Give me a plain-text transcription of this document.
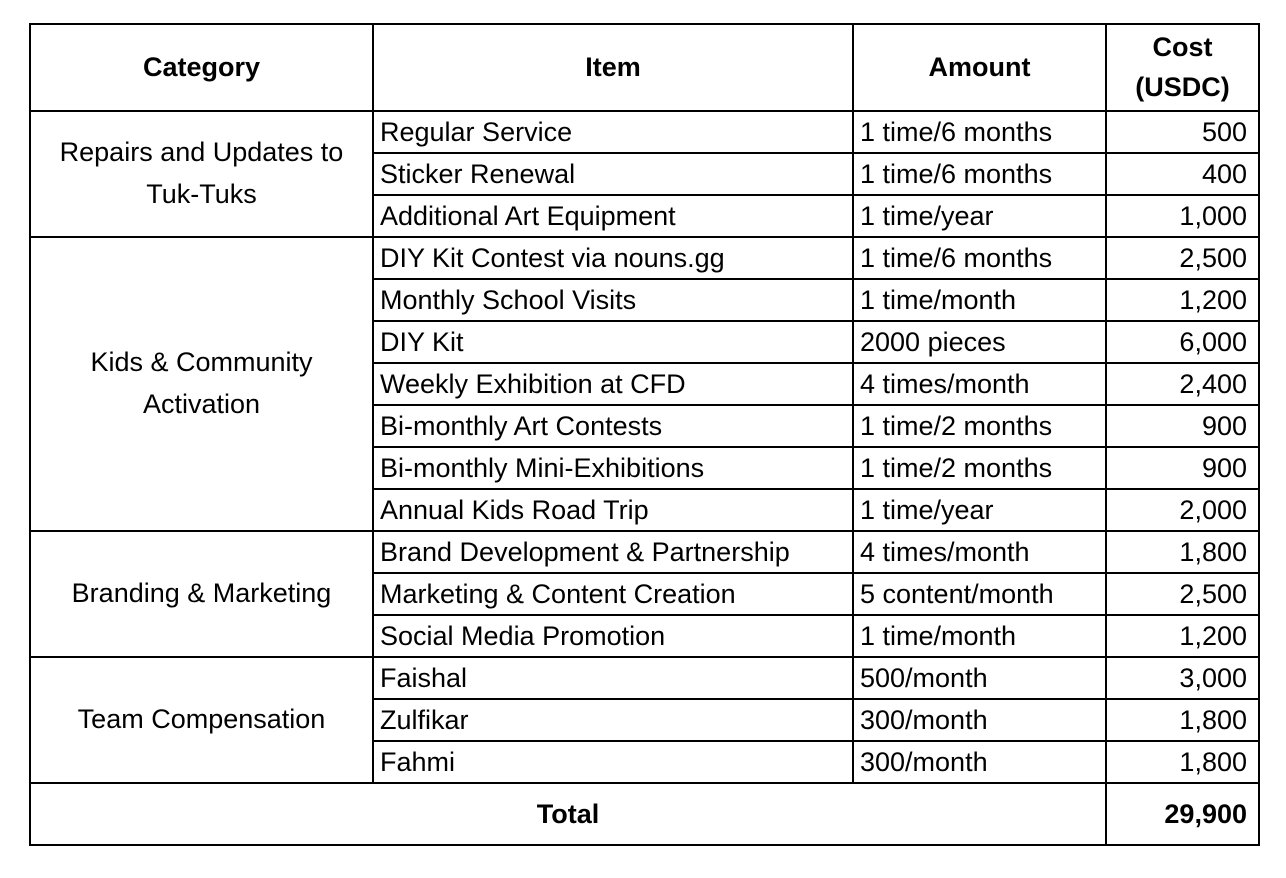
Category	Item	Amount	Cost (USDC)
Repairs and Updates to Tuk-Tuks	Regular Service	1 time/6 months	500
	Sticker Renewal	1 time/6 months	400
	Additional Art Equipment	1 time/year	1,000
Kids & Community Activation	DIY Kit Contest via nouns.gg	1 time/6 months	2,500
	Monthly School Visits	1 time/month	1,200
	DIY Kit	2000 pieces	6,000
	Weekly Exhibition at CFD	4 times/month	2,400
	Bi-monthly Art Contests	1 time/2 months	900
	Bi-monthly Mini-Exhibitions	1 time/2 months	900
	Annual Kids Road Trip	1 time/year	2,000
Branding & Marketing	Brand Development & Partnership	4 times/month	1,800
	Marketing & Content Creation	5 content/month	2,500
	Social Media Promotion	1 time/month	1,200
Team Compensation	Faishal	500/month	3,000
	Zulfikar	300/month	1,800
	Fahmi	300/month	1,800
Total			29,900
